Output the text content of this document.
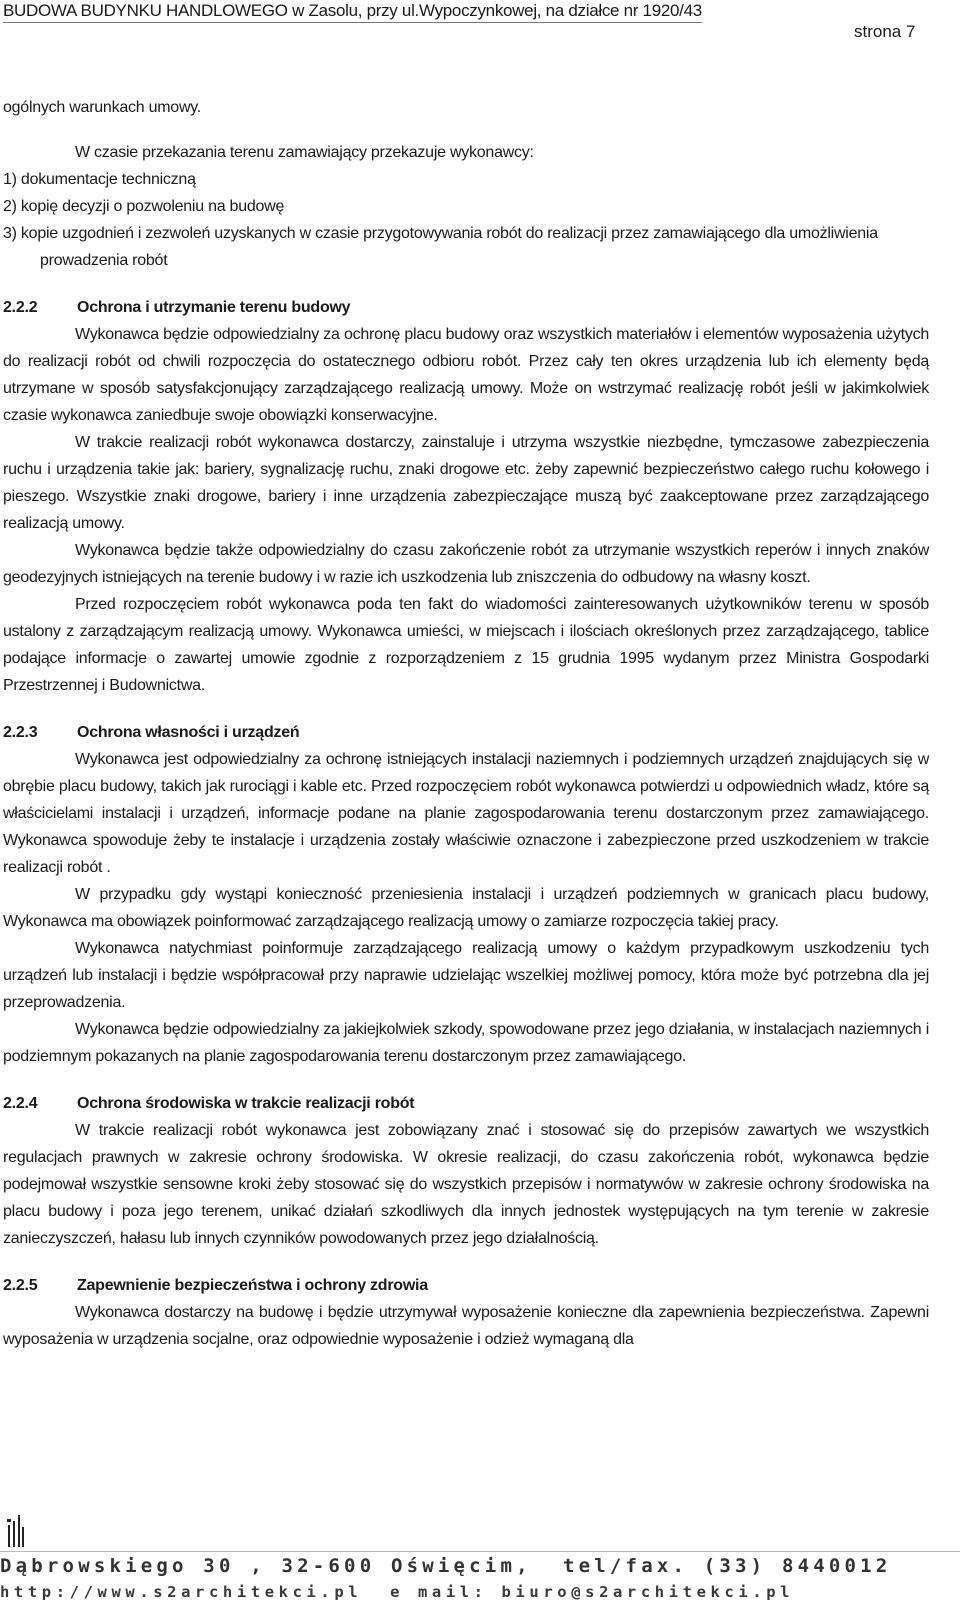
BUDOWA BUDYNKU HANDLOWEGO w Zasolu, przy ul.Wypoczynkowej, na działce nr 1920/43
strona 7

ogólnych warunkach umowy.

W czasie przekazania terenu zamawiający przekazuje wykonawcy:

1) dokumentacje techniczną
2) kopię decyzji o pozwoleniu na budowę
3) kopie uzgodnień i zezwoleń uzyskanych w czasie przygotowywania robót do realizacji przez zamawiającego dla umożliwienia prowadzenia robót

2.2.2 Ochrona i utrzymanie terenu budowy

Wykonawca będzie odpowiedzialny za ochronę placu budowy oraz wszystkich materiałów i elementów wyposażenia użytych do realizacji robót od chwili rozpoczęcia do ostatecznego odbioru robót. Przez cały ten okres urządzenia lub ich elementy będą utrzymane w sposób satysfakcjonujący zarządzającego realizacją umowy. Może on wstrzymać realizację robót jeśli w jakimkolwiek czasie wykonawca zaniedbuje swoje obowiązki konserwacyjne.

W trakcie realizacji robót wykonawca dostarczy, zainstaluje i utrzyma wszystkie niezbędne, tymczasowe zabezpieczenia ruchu i urządzenia takie jak: bariery, sygnalizację ruchu, znaki drogowe etc. żeby zapewnić bezpieczeństwo całego ruchu kołowego i pieszego. Wszystkie znaki drogowe, bariery i inne urządzenia zabezpieczające muszą być zaakceptowane przez zarządzającego realizacją umowy.

Wykonawca będzie także odpowiedzialny do czasu zakończenie robót za utrzymanie wszystkich reperów i innych znaków geodezyjnych istniejących na terenie budowy i w razie ich uszkodzenia lub zniszczenia do odbudowy na własny koszt.

Przed rozpoczęciem robót wykonawca poda ten fakt do wiadomości zainteresowanych użytkowników terenu w sposób ustalony z zarządzającym realizacją umowy. Wykonawca umieści, w miejscach i ilościach określonych przez zarządzającego, tablice podające informacje o zawartej umowie zgodnie z rozporządzeniem z 15 grudnia 1995 wydanym przez Ministra Gospodarki Przestrzennej i Budownictwa.

2.2.3 Ochrona własności i urządzeń

Wykonawca jest odpowiedzialny za ochronę istniejących instalacji naziemnych i podziemnych urządzeń znajdujących się w obrębie placu budowy, takich jak rurociągi i kable etc. Przed rozpoczęciem robót wykonawca potwierdzi u odpowiednich władz, które są właścicielami instalacji i urządzeń, informacje podane na planie zagospodarowania terenu dostarczonym przez zamawiającego. Wykonawca spowoduje żeby te instalacje i urządzenia zostały właściwie oznaczone i zabezpieczone przed uszkodzeniem w trakcie realizacji robót .

W przypadku gdy wystąpi konieczność przeniesienia instalacji i urządzeń podziemnych w granicach placu budowy, Wykonawca ma obowiązek poinformować zarządzającego realizacją umowy o zamiarze rozpoczęcia takiej pracy.

Wykonawca natychmiast poinformuje zarządzającego realizacją umowy o każdym przypadkowym uszkodzeniu tych urządzeń lub instalacji i będzie współpracował przy naprawie udzielając wszelkiej możliwej pomocy, która może być potrzebna dla jej przeprowadzenia.

Wykonawca będzie odpowiedzialny za jakiejkolwiek szkody, spowodowane przez jego działania, w instalacjach naziemnych i podziemnym pokazanych na planie zagospodarowania terenu dostarczonym przez zamawiającego.

2.2.4 Ochrona środowiska w trakcie realizacji robót

W trakcie realizacji robót wykonawca jest zobowiązany znać i stosować się do przepisów zawartych we wszystkich regulacjach prawnych w zakresie ochrony środowiska. W okresie realizacji, do czasu zakończenia robót, wykonawca będzie podejmował wszystkie sensowne kroki żeby stosować się do wszystkich przepisów i normatywów w zakresie ochrony środowiska na placu budowy i poza jego terenem, unikać działań szkodliwych dla innych jednostek występujących na tym terenie w zakresie zanieczyszczeń, hałasu lub innych czynników powodowanych przez jego działalnością.

2.2.5 Zapewnienie bezpieczeństwa i ochrony zdrowia

Wykonawca dostarczy na budowę i będzie utrzymywał wyposażenie konieczne dla zapewnienia bezpieczeństwa. Zapewni wyposażenia w urządzenia socjalne, oraz odpowiednie wyposażenie i odzież wymaganą dla

Dąbrowskiego 30 , 32-600 Oświęcim,  tel/fax. (33) 8440012
http://www.s2architekci.pl  e mail: biuro@s2architekci.pl
